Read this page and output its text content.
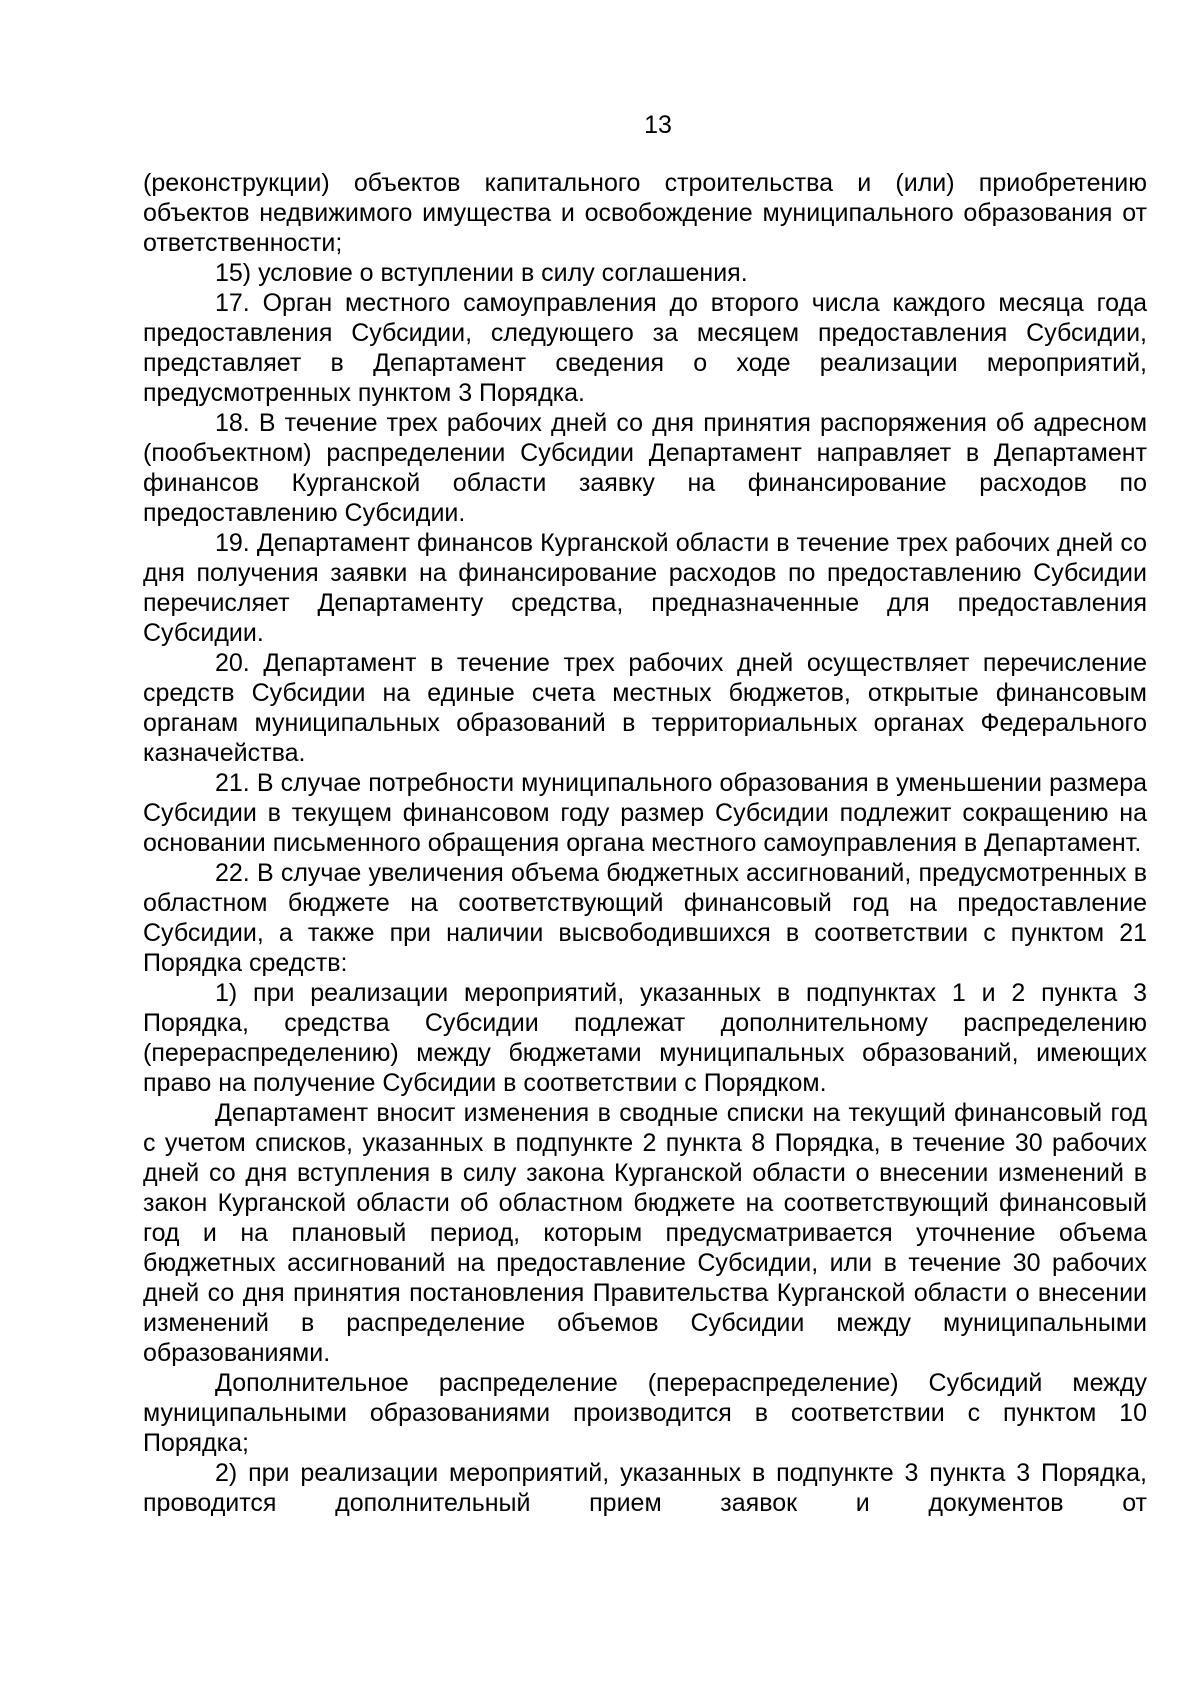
13

(реконструкции) объектов капитального строительства и (или) приобретению объектов недвижимого имущества и освобождение муниципального образования от ответственности;

15) условие о вступлении в силу соглашения.

17. Орган местного самоуправления до второго числа каждого месяца года предоставления Субсидии, следующего за месяцем предоставления Субсидии, представляет в Департамент сведения о ходе реализации мероприятий, предусмотренных пунктом 3 Порядка.

18. В течение трех рабочих дней со дня принятия распоряжения об адресном (пообъектном) распределении Субсидии Департамент направляет в Департамент финансов Курганской области заявку на финансирование расходов по предоставлению Субсидии.

19. Департамент финансов Курганской области в течение трех рабочих дней со дня получения заявки на финансирование расходов по предоставлению Субсидии перечисляет Департаменту средства, предназначенные для предоставления Субсидии.

20. Департамент в течение трех рабочих дней осуществляет перечисление средств Субсидии на единые счета местных бюджетов, открытые финансовым органам муниципальных образований в территориальных органах Федерального казначейства.

21. В случае потребности муниципального образования в уменьшении размера Субсидии в текущем финансовом году размер Субсидии подлежит сокращению на основании письменного обращения органа местного самоуправления в Департамент.

22. В случае увеличения объема бюджетных ассигнований, предусмотренных в областном бюджете на соответствующий финансовый год на предоставление Субсидии, а также при наличии высвободившихся в соответствии с пунктом 21 Порядка средств:

1) при реализации мероприятий, указанных в подпунктах 1 и 2 пункта 3 Порядка, средства Субсидии подлежат дополнительному распределению (перераспределению) между бюджетами муниципальных образований, имеющих право на получение Субсидии в соответствии с Порядком.

Департамент вносит изменения в сводные списки на текущий финансовый год с учетом списков, указанных в подпункте 2 пункта 8 Порядка, в течение 30 рабочих дней со дня вступления в силу закона Курганской области о внесении изменений в закон Курганской области об областном бюджете на соответствующий финансовый год и на плановый период, которым предусматривается уточнение объема бюджетных ассигнований на предоставление Субсидии, или в течение 30 рабочих дней со дня принятия постановления Правительства Курганской области о внесении изменений в распределение объемов Субсидии между муниципальными образованиями.

Дополнительное распределение (перераспределение) Субсидий между муниципальными образованиями производится в соответствии с пунктом 10 Порядка;

2) при реализации мероприятий, указанных в подпункте 3 пункта 3 Порядка, проводится дополнительный прием заявок и документов от
